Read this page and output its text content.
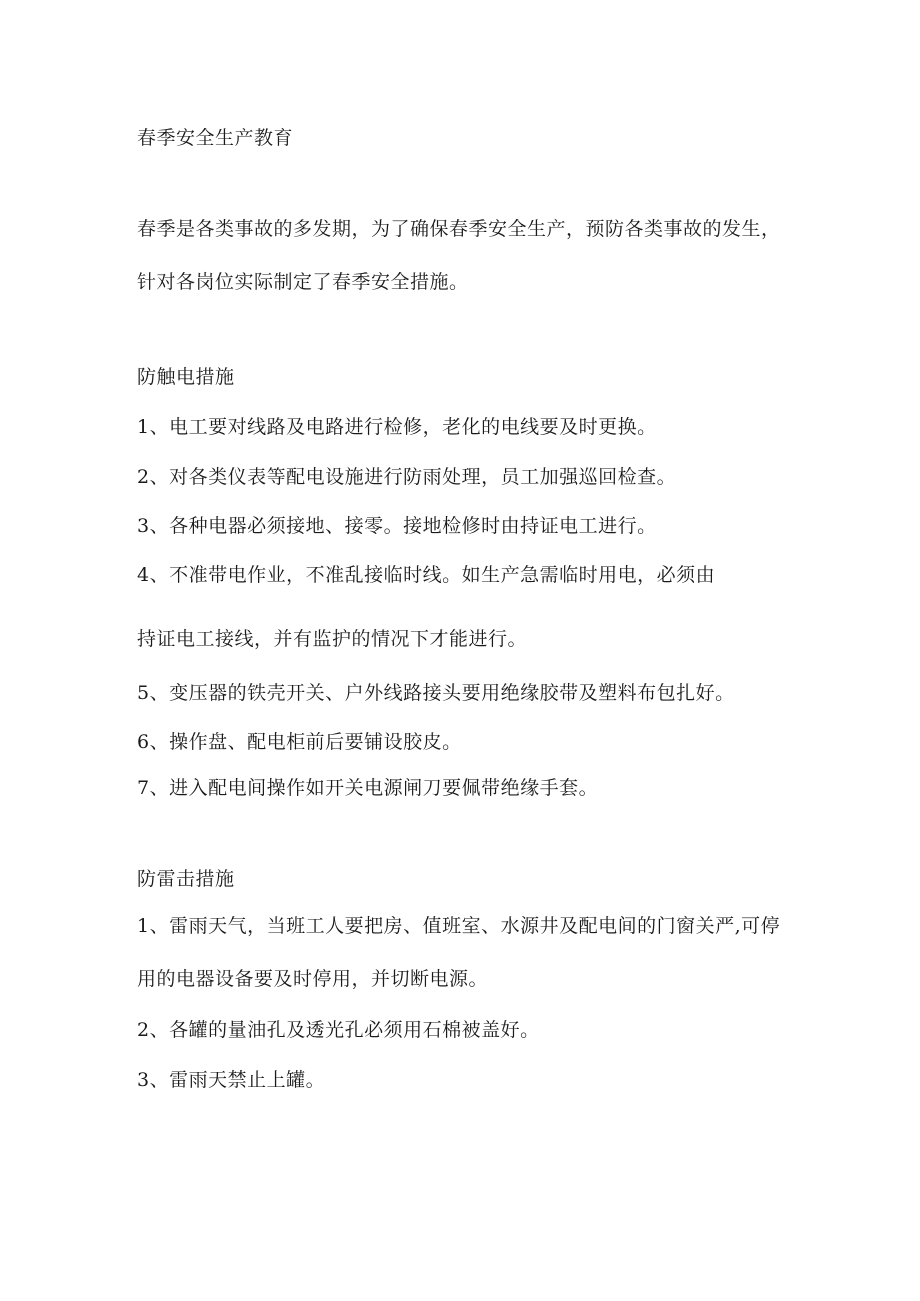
春季安全生产教育
春季是各类事故的多发期，为了确保春季安全生产，预防各类事故的发生，针对各岗位实际制定了春季安全措施。
防触电措施
1、电工要对线路及电路进行检修，老化的电线要及时更换。
2、对各类仪表等配电设施进行防雨处理，员工加强巡回检查。
3、各种电器必须接地、接零。接地检修时由持证电工进行。
4、不准带电作业，不准乱接临时线。如生产急需临时用电，必须由
持证电工接线，并有监护的情况下才能进行。
5、变压器的铁壳开关、户外线路接头要用绝缘胶带及塑料布包扎好。
6、操作盘、配电柜前后要铺设胶皮。
7、进入配电间操作如开关电源闸刀要佩带绝缘手套。
防雷击措施
1、雷雨天气，当班工人要把房、值班室、水源井及配电间的门窗关严,可停用的电器设备要及时停用，并切断电源。
2、各罐的量油孔及透光孔必须用石棉被盖好。
3、雷雨天禁止上罐。
